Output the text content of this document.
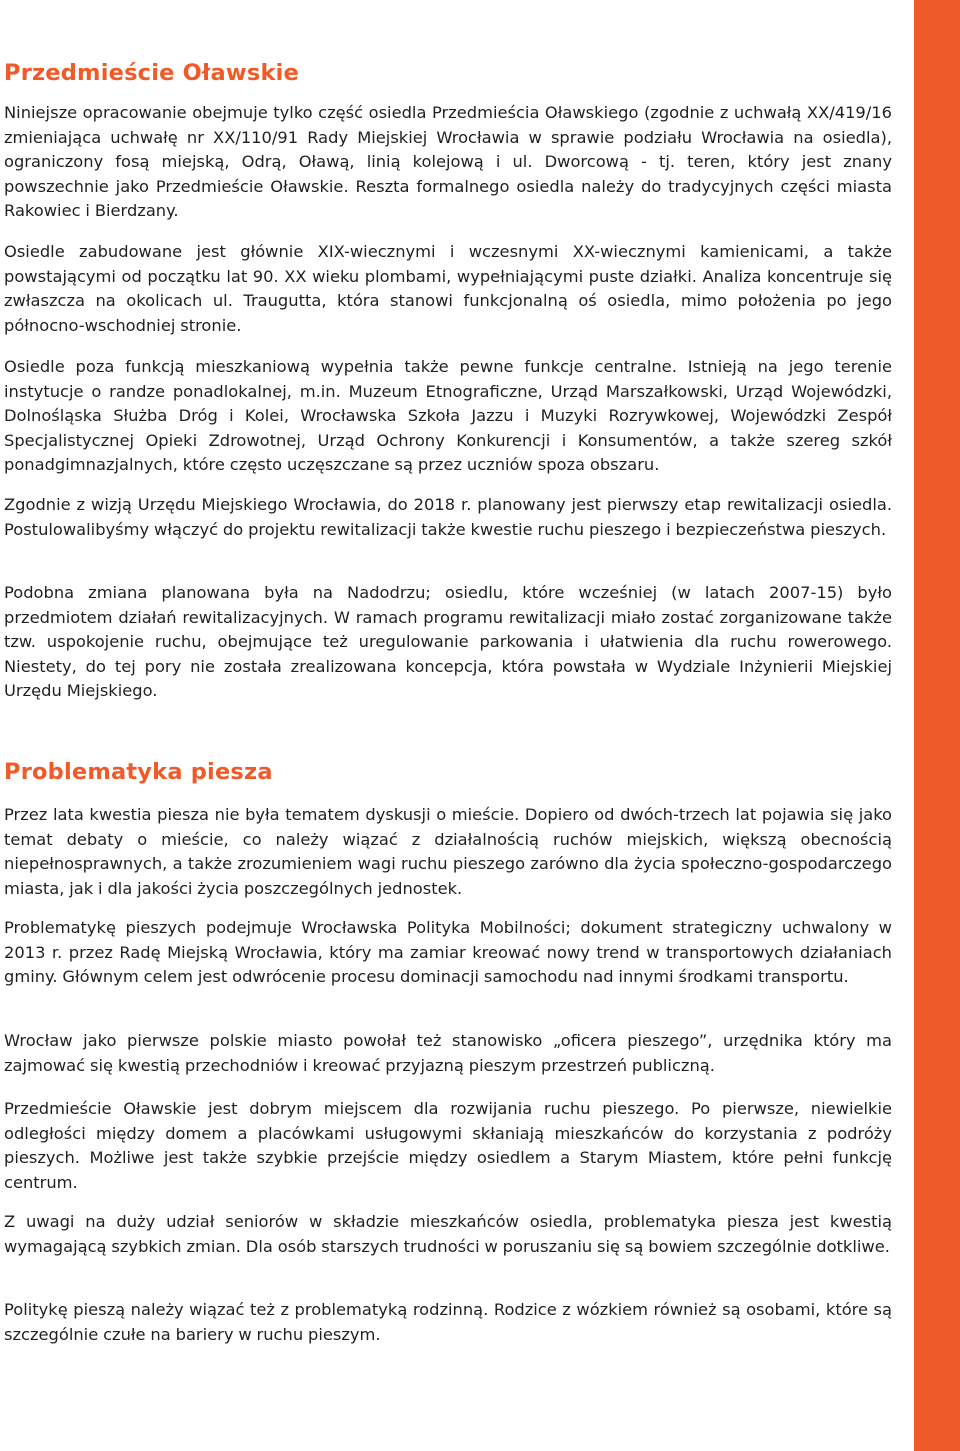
Przedmieście Oławskie

Niniejsze opracowanie obejmuje tylko część osiedla Przedmieścia Oławskiego (zgodnie z uchwałą XX/419/16 zmieniająca uchwałę nr XX/110/91 Rady Miejskiej Wrocławia w sprawie podziału Wrocławia na osiedla), ograniczony fosą miejską, Odrą, Oławą, linią kolejową i ul. Dworcową - tj. teren, który jest znany powszechnie jako Przedmieście Oławskie. Reszta formalnego osiedla należy do tradycyjnych części miasta Rakowiec i Bierdzany.

Osiedle zabudowane jest głównie XIX-wiecznymi i wczesnymi XX-wiecznymi kamienicami, a także powstającymi od początku lat 90. XX wieku plombami, wypełniającymi puste działki. Analiza koncentruje się zwłaszcza na okolicach ul. Traugutta, która stanowi funkcjonalną oś osiedla, mimo położenia po jego północno-wschodniej stronie.

Osiedle poza funkcją mieszkaniową wypełnia także pewne funkcje centralne. Istnieją na jego terenie instytucje o randze ponadlokalnej, m.in. Muzeum Etnograficzne, Urząd Marszałkowski, Urząd Wojewódzki, Dolnośląska Służba Dróg i Kolei, Wrocławska Szkoła Jazzu i Muzyki Rozrywkowej, Wojewódzki Zespół Specjalistycznej Opieki Zdrowotnej, Urząd Ochrony Konkurencji i Konsumentów, a także szereg szkół ponadgimnazjalnych, które często uczęszczane są przez uczniów spoza obszaru.

Zgodnie z wizją Urzędu Miejskiego Wrocławia, do 2018 r. planowany jest pierwszy etap rewitalizacji osiedla. Postulowalibyśmy włączyć do projektu rewitalizacji także kwestie ruchu pieszego i bezpieczeństwa pieszych.

Podobna zmiana planowana była na Nadodrzu; osiedlu, które wcześniej (w latach 2007-15) było przedmiotem działań rewitalizacyjnych. W ramach programu rewitalizacji miało zostać zorganizowane także tzw. uspokojenie ruchu, obejmujące też uregulowanie parkowania i ułatwienia dla ruchu rowerowego. Niestety, do tej pory nie została zrealizowana koncepcja, która powstała w Wydziale Inżynierii Miejskiej Urzędu Miejskiego.

Problematyka piesza

Przez lata kwestia piesza nie była tematem dyskusji o mieście. Dopiero od dwóch-trzech lat pojawia się jako temat debaty o mieście, co należy wiązać z działalnością ruchów miejskich, większą obecnością niepełnosprawnych, a także zrozumieniem wagi ruchu pieszego zarówno dla życia społeczno-gospodarczego miasta, jak i dla jakości życia poszczególnych jednostek.

Problematykę pieszych podejmuje Wrocławska Polityka Mobilności; dokument strategiczny uchwalony w 2013 r. przez Radę Miejską Wrocławia, który ma zamiar kreować nowy trend w transportowych działaniach gminy. Głównym celem jest odwrócenie procesu dominacji samochodu nad innymi środkami transportu.

Wrocław jako pierwsze polskie miasto powołał też stanowisko „oficera pieszego”, urzędnika który ma zajmować się kwestią przechodniów i kreować przyjazną pieszym przestrzeń publiczną.

Przedmieście Oławskie jest dobrym miejscem dla rozwijania ruchu pieszego. Po pierwsze, niewielkie odległości między domem a placówkami usługowymi skłaniają mieszkańców do korzystania z podróży pieszych. Możliwe jest także szybkie przejście między osiedlem a Starym Miastem, które pełni funkcję centrum.

Z uwagi na duży udział seniorów w składzie mieszkańców osiedla, problematyka piesza jest kwestią wymagającą szybkich zmian. Dla osób starszych trudności w poruszaniu się są bowiem szczególnie dotkliwe.

Politykę pieszą należy wiązać też z problematyką rodzinną. Rodzice z wózkiem również są osobami, które są szczególnie czułe na bariery w ruchu pieszym.
